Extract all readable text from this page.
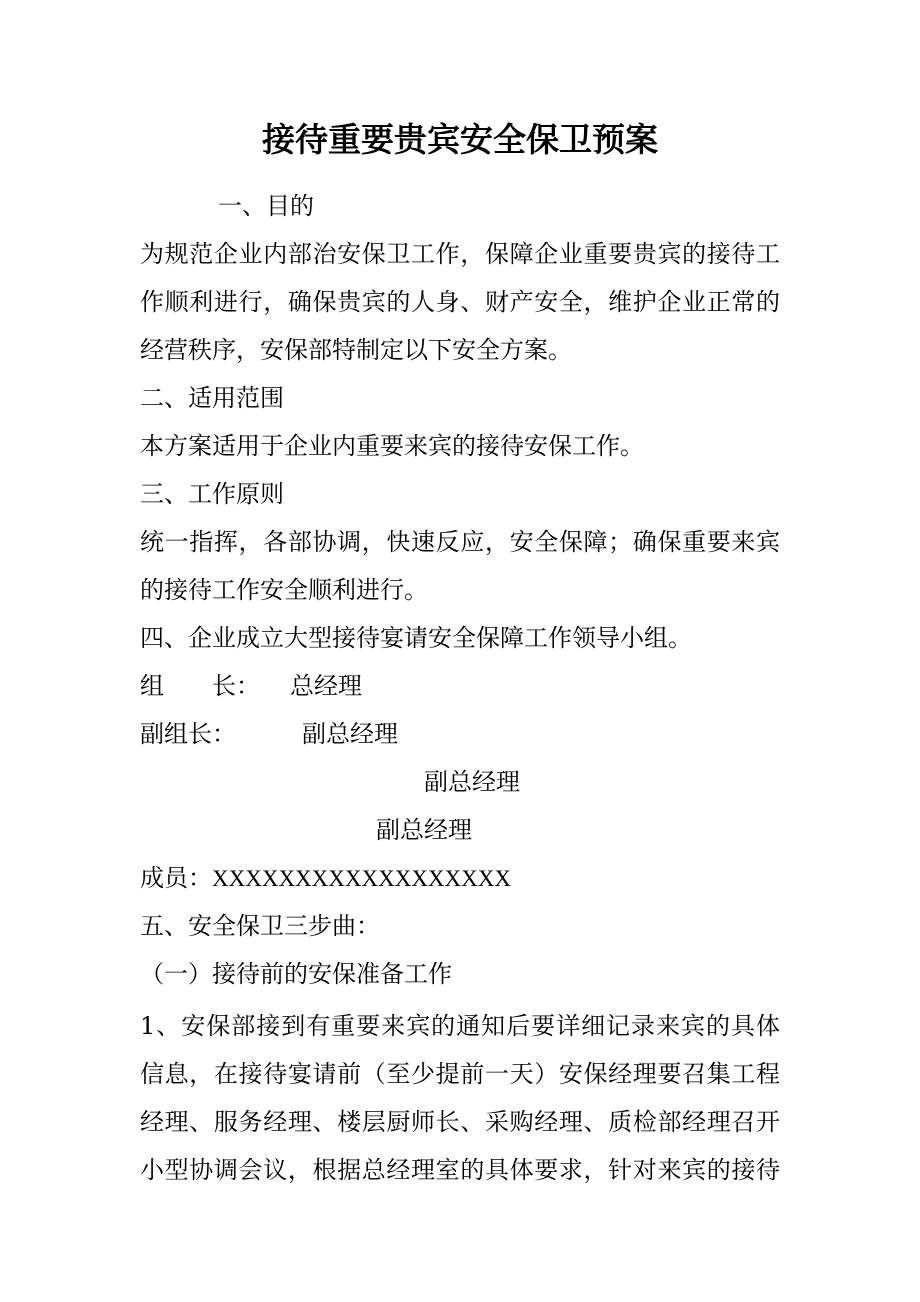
接待重要贵宾安全保卫预案

一、目的

为规范企业内部治安保卫工作，保障企业重要贵宾的接待工

作顺利进行，确保贵宾的人身、财产安全，维护企业正常的

经营秩序，安保部特制定以下安全方案。

二、适用范围

本方案适用于企业内重要来宾的接待安保工作。

三、工作原则

统一指挥，各部协调，快速反应，安全保障；确保重要来宾

的接待工作安全顺利进行。

四、企业成立大型接待宴请安全保障工作领导小组。

组　　长： 总经理

副组长：	副总经理

副总经理

副总经理

成员：XXXXXXXXXXXXXXXXXX

五、安全保卫三步曲：

（一）接待前的安保准备工作

1、安保部接到有重要来宾的通知后要详细记录来宾的具体

信息，在接待宴请前（至少提前一天）安保经理要召集工程

经理、服务经理、楼层厨师长、采购经理、质检部经理召开

小型协调会议，根据总经理室的具体要求，针对来宾的接待
